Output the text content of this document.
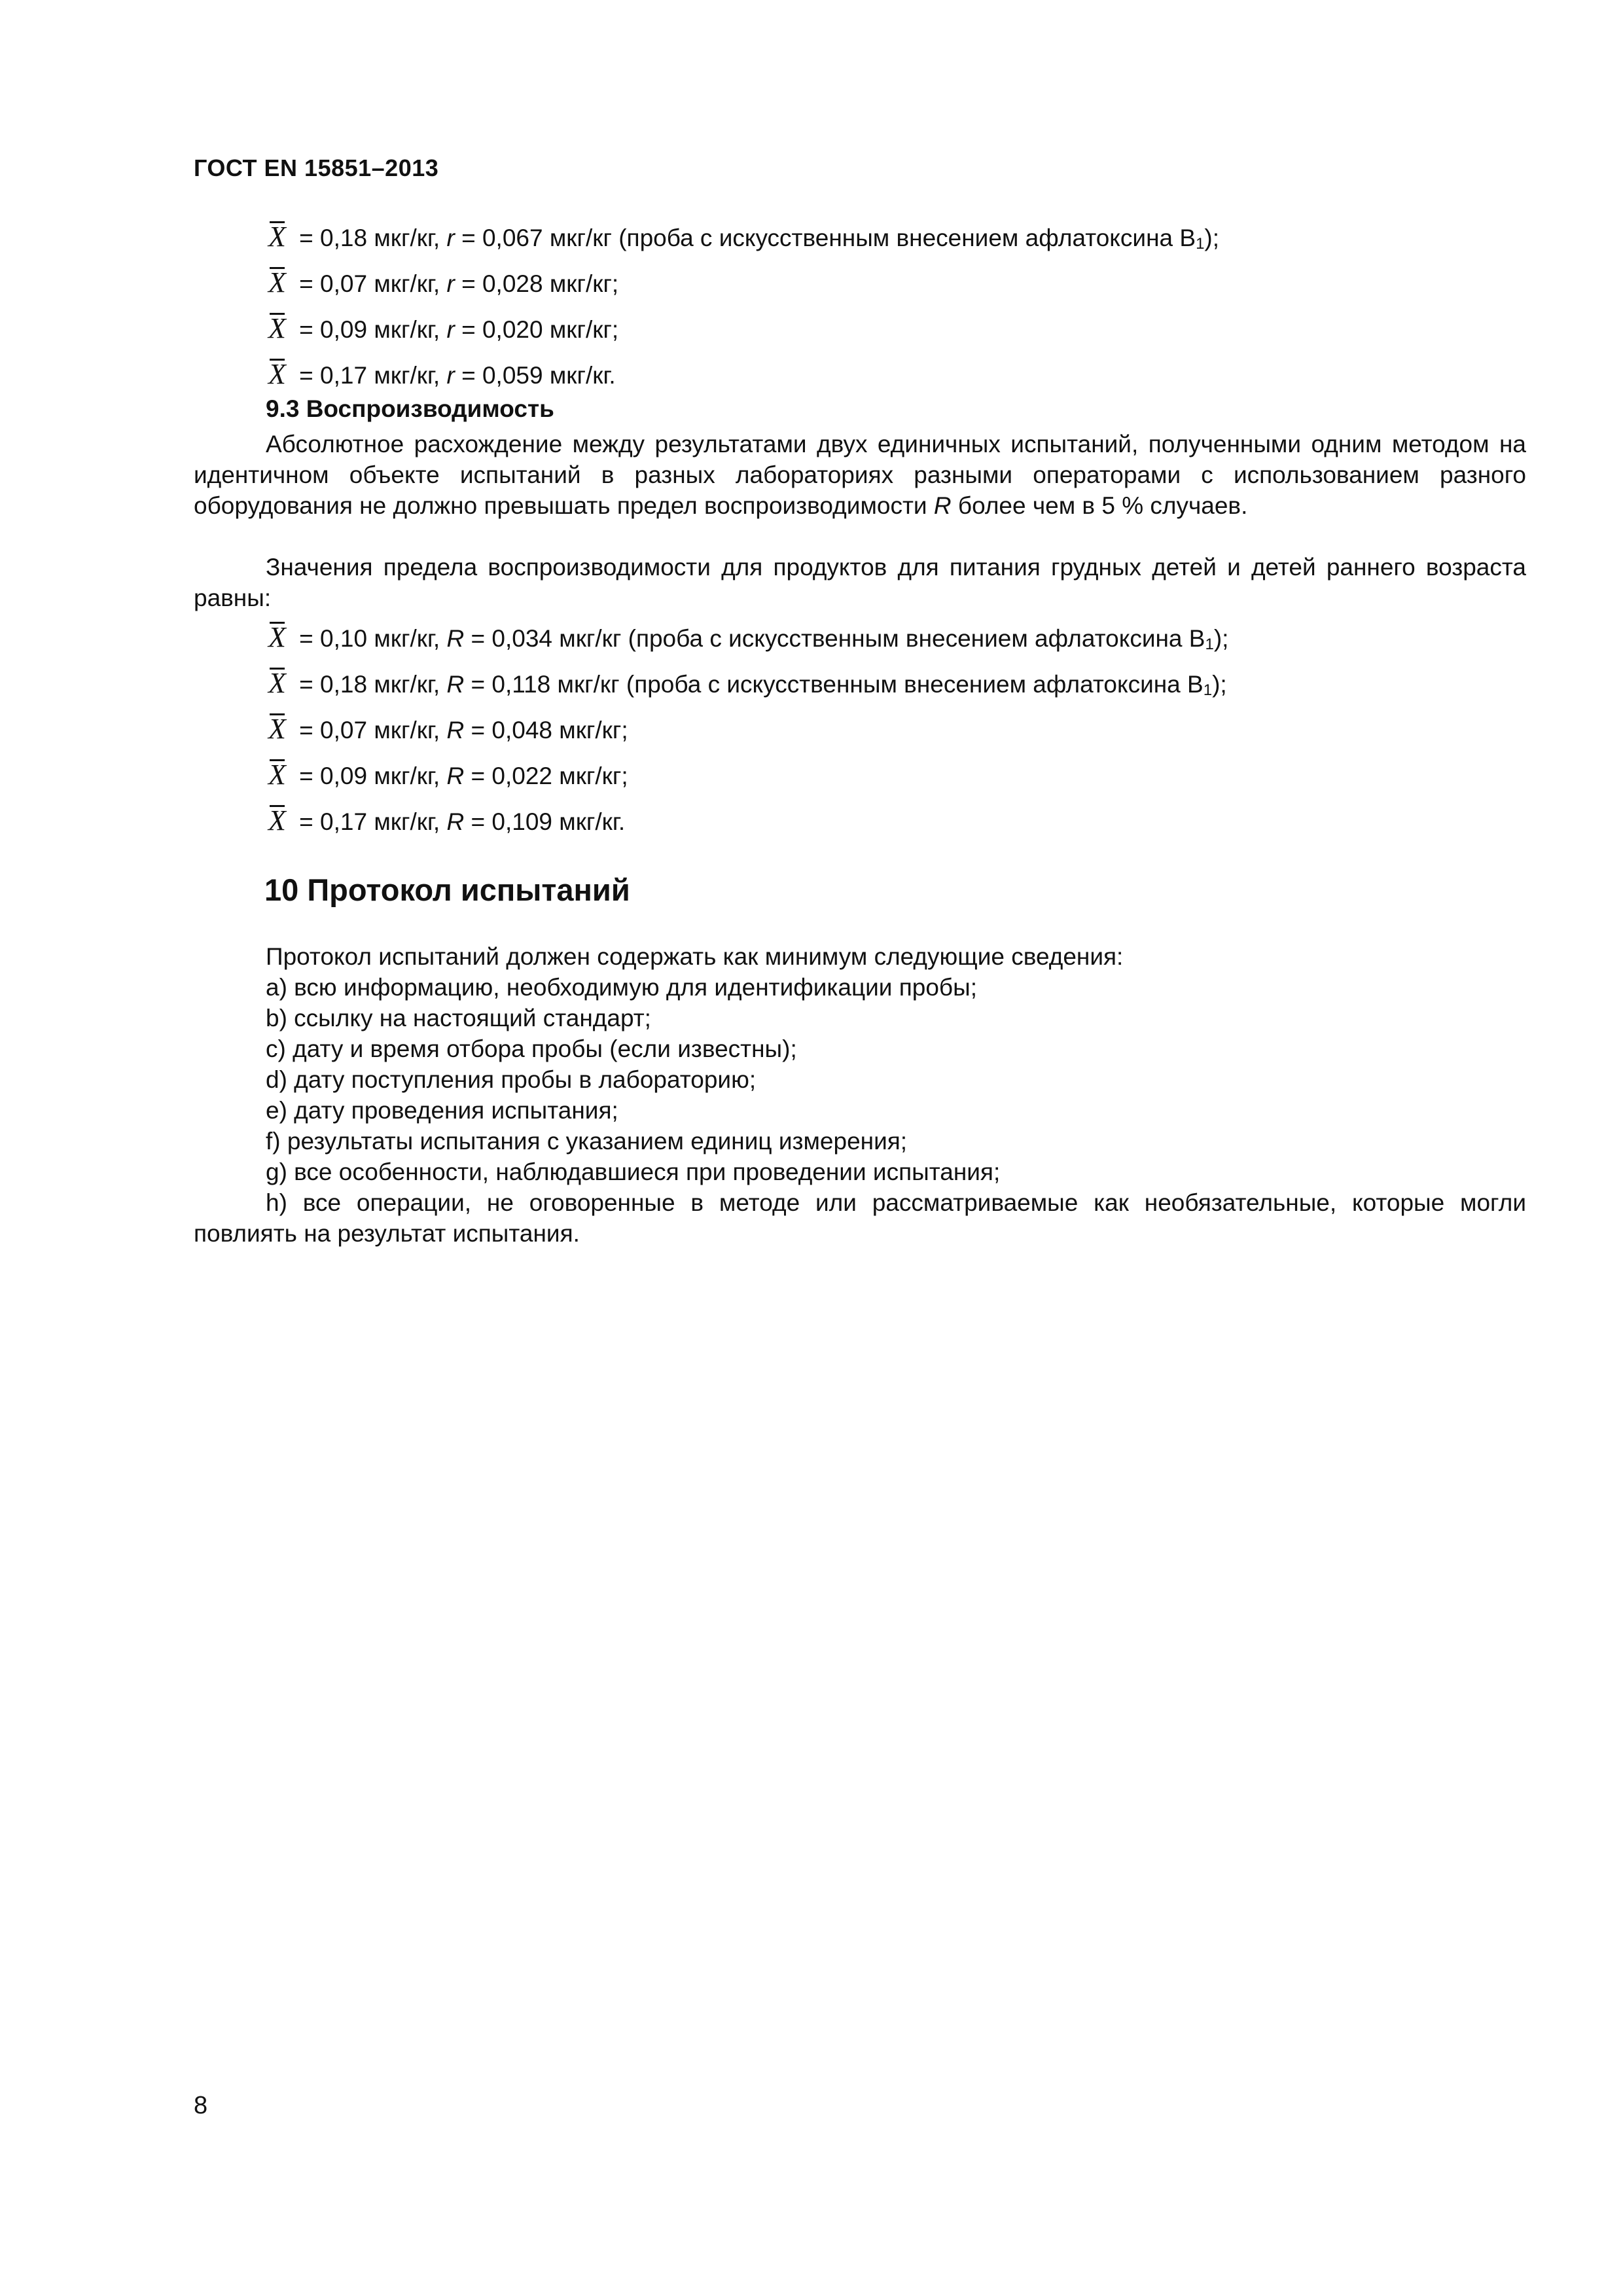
ГОСТ EN 15851–2013
X = 0,18 мкг/кг, r = 0,067 мкг/кг (проба с искусственным внесением афлатоксина $B_1$);
X = 0,07 мкг/кг, r = 0,028 мкг/кг;
X = 0,09 мкг/кг, r = 0,020 мкг/кг;
X = 0,17 мкг/кг, r = 0,059 мкг/кг.
9.3 Воспроизводимость
Абсолютное расхождение между результатами двух единичных испытаний, полученными одним методом на идентичном объекте испытаний в разных лабораториях разными операторами с использованием разного оборудования не должно превышать предел воспроизводимости R более чем в 5 % случаев.
Значения предела воспроизводимости для продуктов для питания грудных детей и детей раннего возраста равны:
X = 0,10 мкг/кг, R = 0,034 мкг/кг (проба с искусственным внесением афлатоксина $B_1$);
X = 0,18 мкг/кг, R = 0,118 мкг/кг (проба с искусственным внесением афлатоксина $B_1$);
X = 0,07 мкг/кг, R = 0,048 мкг/кг;
X = 0,09 мкг/кг, R = 0,022 мкг/кг;
X = 0,17 мкг/кг, R = 0,109 мкг/кг.
10 Протокол испытаний
Протокол испытаний должен содержать как минимум следующие сведения:
а) всю информацию, необходимую для идентификации пробы;
b) ссылку на настоящий стандарт;
c) дату и время отбора пробы (если известны);
d) дату поступления пробы в лабораторию;
e) дату проведения испытания;
f) результаты испытания с указанием единиц измерения;
g) все особенности, наблюдавшиеся при проведении испытания;
h) все операции, не оговоренные в методе или рассматриваемые как необязательные, которые могли повлиять на результат испытания.
8
